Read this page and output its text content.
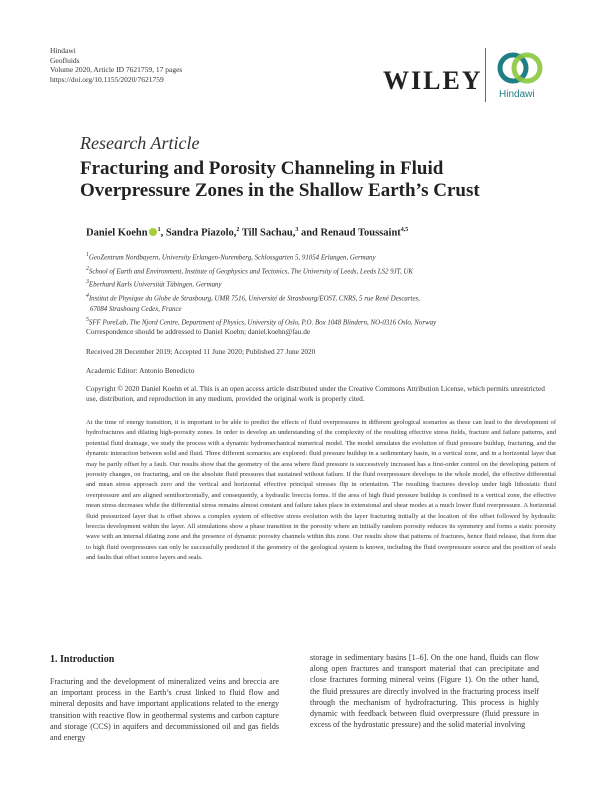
Hindawi
Geofluids
Volume 2020, Article ID 7621759, 17 pages
https://doi.org/10.1155/2020/7621759	WILEY Hindawi
Research Article
Fracturing and Porosity Channeling in Fluid Overpressure Zones in the Shallow Earth’s Crust
Daniel Koehn $^1$, Sandra Piazolo,$^2$ Till Sachau,$^3$ and Renaud Toussaint$^{4,5}$
$^1$GeoZentrum Nordbayern, University Erlangen-Nuremberg, Schlossgarten 5, 91054 Erlangen, Germany
$^2$School of Earth and Environment, Institute of Geophysics and Tectonics, The University of Leeds, Leeds LS2 9JT, UK
$^3$Eberhard Karls Universität Tübingen, Germany
$^4$Institut de Physique du Globe de Strasbourg, UMR 7516, Université de Strasbourg/EOST, CNRS, 5 rue René Descartes,
67084 Strasbourg Cedex, France
$^5$SFF PoreLab, The Njord Centre, Department of Physics, University of Oslo, P.O. Box 1048 Blindern, NO-0316 Oslo, Norway
Correspondence should be addressed to Daniel Koehn; daniel.koehn@fau.de
Received 28 December 2019; Accepted 11 June 2020; Published 27 June 2020
Academic Editor: Antonio Benedicto
Copyright © 2020 Daniel Koehn et al. This is an open access article distributed under the Creative Commons Attribution License, which permits unrestricted use, distribution, and reproduction in any medium, provided the original work is properly cited.
At the time of energy transition, it is important to be able to predict the effects of fluid overpressures in different geological scenarios as these can lead to the development of hydrofractures and dilating high-porosity zones. In order to develop an understanding of the complexity of the resulting effective stress fields, fracture and failure patterns, and potential fluid drainage, we study the process with a dynamic hydromechanical numerical model. The model simulates the evolution of fluid pressure buildup, fracturing, and the dynamic interaction between solid and fluid. Three different scenarios are explored: fluid pressure buildup in a sedimentary basin, in a vertical zone, and in a horizontal layer that may be partly offset by a fault. Our results show that the geometry of the area where fluid pressure is successively increased has a first-order control on the developing pattern of porosity changes, on fracturing, and on the absolute fluid pressures that sustained without failure. If the fluid overpressure develops in the whole model, the effective differential and mean stress approach zero and the vertical and horizontal effective principal stresses flip in orientation. The resulting fractures develop under high lithostatic fluid overpressure and are aligned semihorizontally, and consequently, a hydraulic breccia forms. If the area of high fluid pressure buildup is confined in a vertical zone, the effective mean stress decreases while the differential stress remains almost constant and failure takes place in extensional and shear modes at a much lower fluid overpressure. A horizontal fluid pressurized layer that is offset shows a complex system of effective stress evolution with the layer fracturing initially at the location of the offset followed by hydraulic breccia development within the layer. All simulations show a phase transition in the porosity where an initially random porosity reduces its symmetry and forms a static porosity wave with an internal dilating zone and the presence of dynamic porosity channels within this zone. Our results show that patterns of fractures, hence fluid release, that form due to high fluid overpressures can only be successfully predicted if the geometry of the geological system is known, including the fluid overpressure source and the position of seals and faults that offset source layers and seals.
1. Introduction
Fracturing and the development of mineralized veins and breccia are an important process in the Earth’s crust linked to fluid flow and mineral deposits and have important applications related to the energy transition with reactive flow in geothermal systems and carbon capture and storage (CCS) in aquifers and decommissioned oil and gas fields and energy
storage in sedimentary basins [1–6]. On the one hand, fluids can flow along open fractures and transport material that can precipitate and close fractures forming mineral veins (Figure 1). On the other hand, the fluid pressures are directly involved in the fracturing process itself through the mechanism of hydrofracturing. This process is highly dynamic with feedback between fluid overpressure (fluid pressure in excess of the hydrostatic pressure) and the solid material involving
